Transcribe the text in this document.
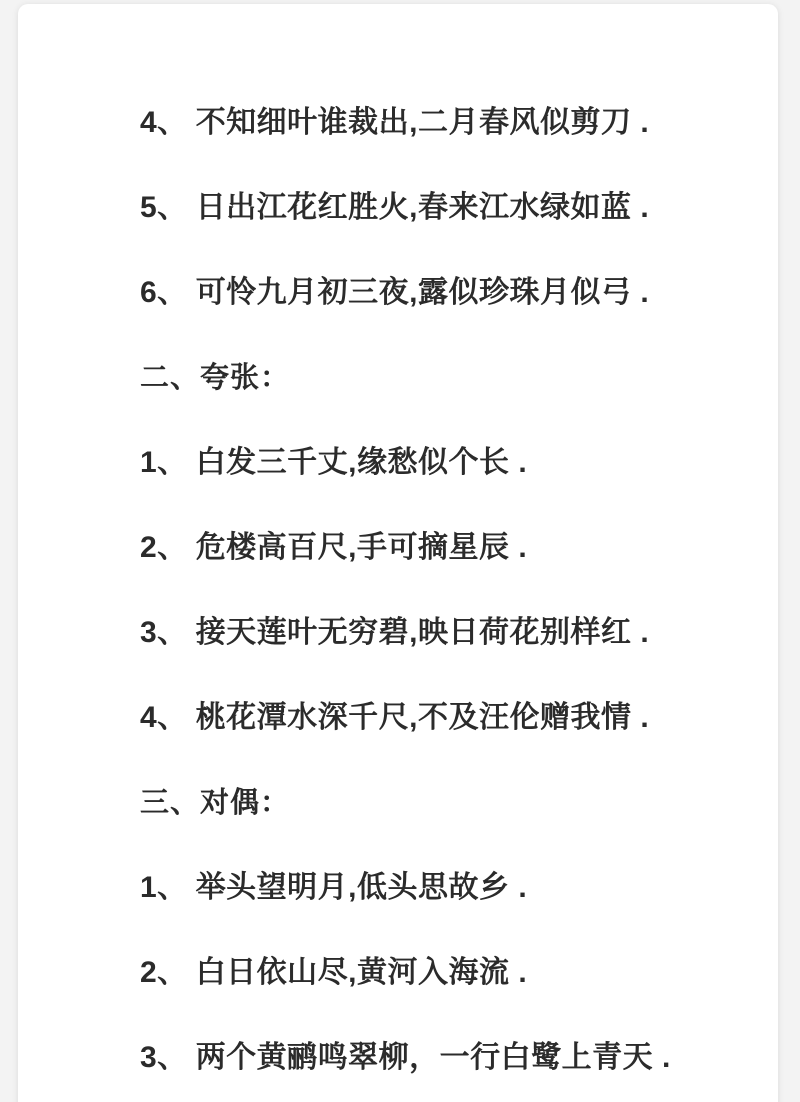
4、 不知细叶谁裁出,二月春风似剪刀 .

5、 日出江花红胜火,春来江水绿如蓝 .

6、 可怜九月初三夜,露似珍珠月似弓 .

二、夸张：

1、 白发三千丈,缘愁似个长 .

2、 危楼高百尺,手可摘星辰 .

3、 接天莲叶无穷碧,映日荷花别样红 .

4、 桃花潭水深千尺,不及汪伦赠我情 .

三、对偶：

1、 举头望明月,低头思故乡 .

2、 白日依山尽,黄河入海流 .

3、 两个黄鹂鸣翠柳，一行白鹭上青天 .
